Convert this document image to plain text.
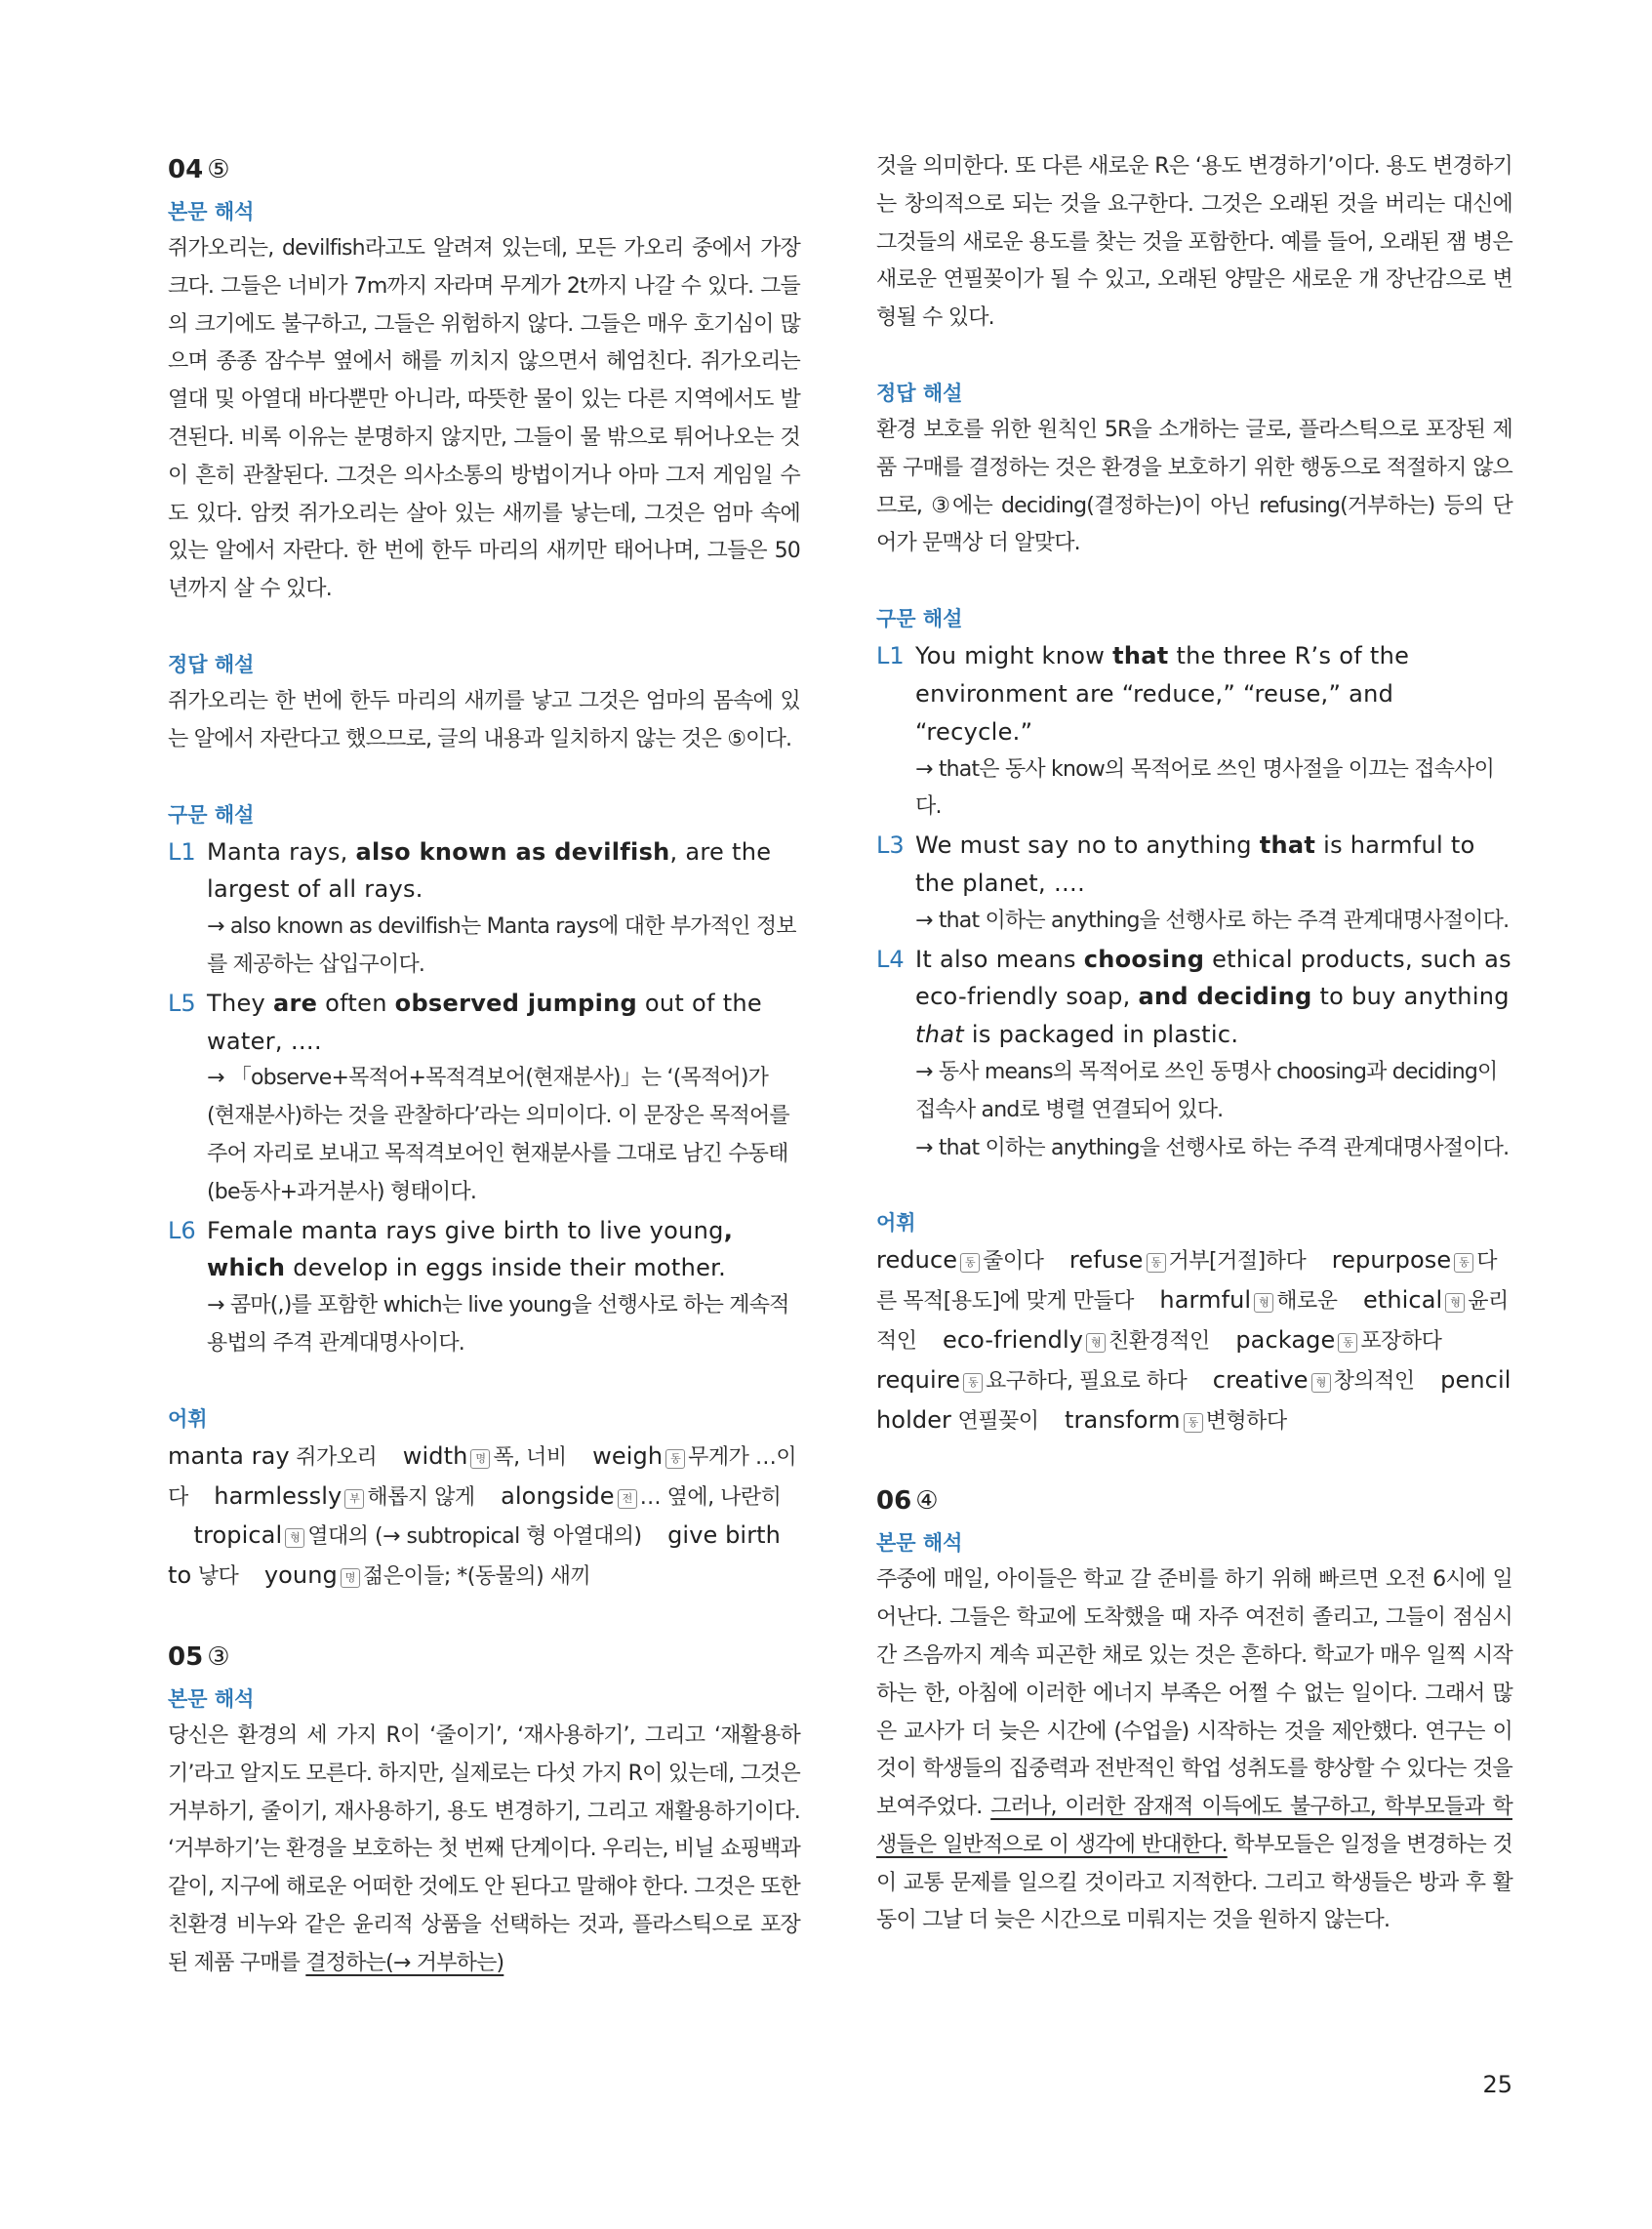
04 ⑤
본문 해석

쥐가오리는, devilfish라고도 알려져 있는데, 모든 가오리 중에서 가장 크다. 그들은 너비가 7m까지 자라며 무게가 2t까지 나갈 수 있다. 그들의 크기에도 불구하고, 그들은 위험하지 않다. 그들은 매우 호기심이 많으며 종종 잠수부 옆에서 해를 끼치지 않으면서 헤엄친다. 쥐가오리는 열대 및 아열대 바다뿐만 아니라, 따뜻한 물이 있는 다른 지역에서도 발견된다. 비록 이유는 분명하지 않지만, 그들이 물 밖으로 튀어나오는 것이 흔히 관찰된다. 그것은 의사소통의 방법이거나 아마 그저 게임일 수도 있다. 암컷 쥐가오리는 살아 있는 새끼를 낳는데, 그것은 엄마 속에 있는 알에서 자란다. 한 번에 한두 마리의 새끼만 태어나며, 그들은 50년까지 살 수 있다.

정답 해설

쥐가오리는 한 번에 한두 마리의 새끼를 낳고 그것은 엄마의 몸속에 있는 알에서 자란다고 했으므로, 글의 내용과 일치하지 않는 것은 ⑤이다.

구문 해설
L1 Manta rays, also known as devilfish, are the largest of all rays.
→ also known as devilfish는 Manta rays에 대한 부가적인 정보를 제공하는 삽입구이다.
L5 They are often observed jumping out of the water, ….
→ 「observe+목적어+목적격보어(현재분사)」는 ‘(목적어)가 (현재분사)하는 것을 관찰하다’라는 의미이다. 이 문장은 목적어를 주어 자리로 보내고 목적격보어인 현재분사를 그대로 남긴 수동태(be동사+과거분사) 형태이다.
L6 Female manta rays give birth to live young, which develop in eggs inside their mother.
→ 콤마(,)를 포함한 which는 live young을 선행사로 하는 계속적 용법의 주격 관계대명사이다.
어휘

manta ray 쥐가오리 width 명 폭, 너비 weigh 동 무게가 …이다 harmlessly 부 해롭지 않게 alongside 전 … 옆에, 나란히 tropical 형 열대의 (→ subtropical 형 아열대의) give birth to 낳다 young 명 젊은이들; *(동물의) 새끼

05 ③
본문 해석

당신은 환경의 세 가지 R이 ‘줄이기’, ‘재사용하기’, 그리고 ‘재활용하기’라고 알지도 모른다. 하지만, 실제로는 다섯 가지 R이 있는데, 그것은 거부하기, 줄이기, 재사용하기, 용도 변경하기, 그리고 재활용하기이다. ‘거부하기’는 환경을 보호하는 첫 번째 단계이다. 우리는, 비닐 쇼핑백과 같이, 지구에 해로운 어떠한 것에도 안 된다고 말해야 한다. 그것은 또한 친환경 비누와 같은 윤리적 상품을 선택하는 것과, 플라스틱으로 포장된 제품 구매를 결정하는(→ 거부하는)

것을 의미한다. 또 다른 새로운 R은 ‘용도 변경하기’이다. 용도 변경하기는 창의적으로 되는 것을 요구한다. 그것은 오래된 것을 버리는 대신에 그것들의 새로운 용도를 찾는 것을 포함한다. 예를 들어, 오래된 잼 병은 새로운 연필꽂이가 될 수 있고, 오래된 양말은 새로운 개 장난감으로 변형될 수 있다.

정답 해설

환경 보호를 위한 원칙인 5R을 소개하는 글로, 플라스틱으로 포장된 제품 구매를 결정하는 것은 환경을 보호하기 위한 행동으로 적절하지 않으므로, ③에는 deciding(결정하는)이 아닌 refusing(거부하는) 등의 단어가 문맥상 더 알맞다.

구문 해설
L1 You might know that the three R’s of the environment are “reduce,” “reuse,” and “recycle.”
→ that은 동사 know의 목적어로 쓰인 명사절을 이끄는 접속사이다.
L3 We must say no to anything that is harmful to the planet, ….
→ that 이하는 anything을 선행사로 하는 주격 관계대명사절이다.
L4 It also means choosing ethical products, such as eco-friendly soap, and deciding to buy anything that is packaged in plastic.
→ 동사 means의 목적어로 쓰인 동명사 choosing과 deciding이 접속사 and로 병렬 연결되어 있다.
→ that 이하는 anything을 선행사로 하는 주격 관계대명사절이다.
어휘

reduce 동 줄이다 refuse 동 거부[거절]하다 repurpose 동 다른 목적[용도]에 맞게 만들다 harmful 형 해로운 ethical 형 윤리적인 eco-friendly 형 친환경적인 package 동 포장하다 require 동 요구하다, 필요로 하다 creative 형 창의적인 pencil holder 연필꽂이 transform 동 변형하다

06 ④
본문 해석

주중에 매일, 아이들은 학교 갈 준비를 하기 위해 빠르면 오전 6시에 일어난다. 그들은 학교에 도착했을 때 자주 여전히 졸리고, 그들이 점심시간 즈음까지 계속 피곤한 채로 있는 것은 흔하다. 학교가 매우 일찍 시작하는 한, 아침에 이러한 에너지 부족은 어쩔 수 없는 일이다. 그래서 많은 교사가 더 늦은 시간에 (수업을) 시작하는 것을 제안했다. 연구는 이것이 학생들의 집중력과 전반적인 학업 성취도를 향상할 수 있다는 것을 보여주었다. 그러나, 이러한 잠재적 이득에도 불구하고, 학부모들과 학생들은 일반적으로 이 생각에 반대한다. 학부모들은 일정을 변경하는 것이 교통 문제를 일으킬 것이라고 지적한다. 그리고 학생들은 방과 후 활동이 그날 더 늦은 시간으로 미뤄지는 것을 원하지 않는다.

25
